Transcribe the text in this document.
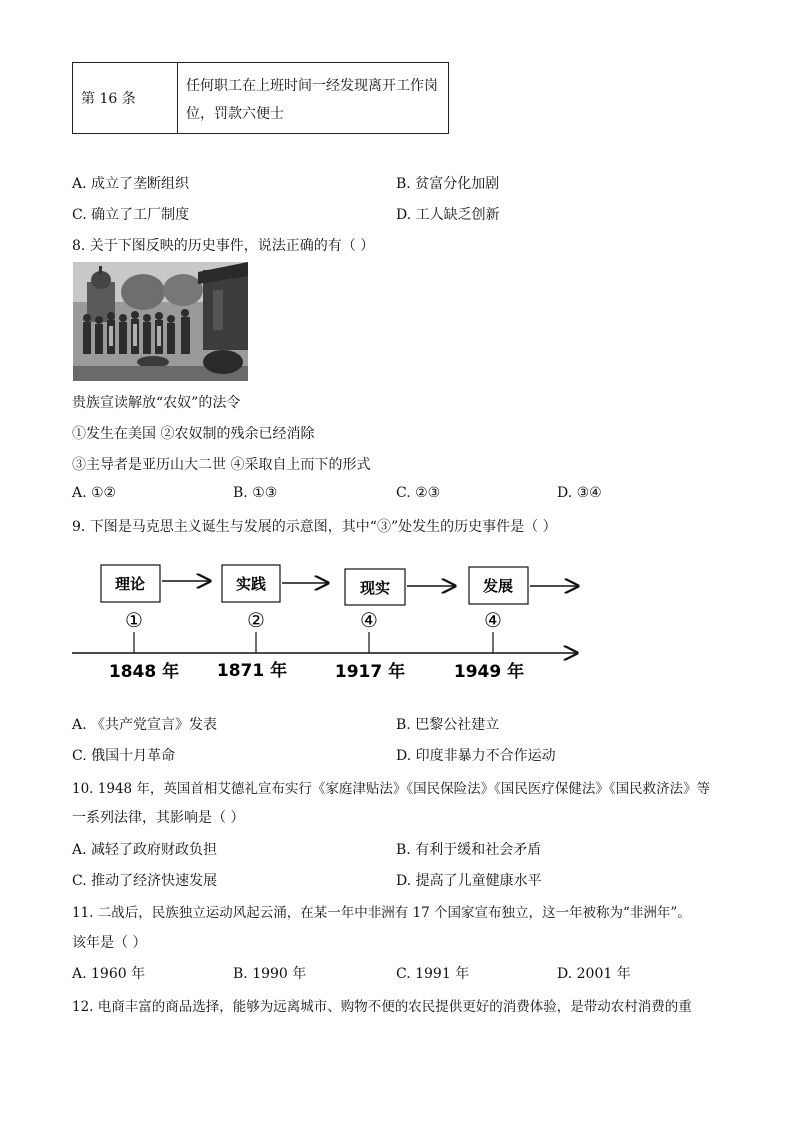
第 16 条
任何职工在上班时间一经发现离开工作岗
位，罚款六便士
A. 成立了垄断组织	B. 贫富分化加剧
C. 确立了工厂制度	D. 工人缺乏创新
8. 关于下图反映的历史事件，说法正确的有（ ）
贵族宣读解放“农奴”的法令
①发生在美国 ②农奴制的残余已经消除
③主导者是亚历山大二世 ④采取自上而下的形式
A. ①②	B. ①③	C. ②③	D. ③④
9. 下图是马克思主义诞生与发展的示意图，其中“③”处发生的历史事件是（ ）
理论	实践	现实	发展
①	②	④	④
1848 年 1871 年	1917 年	1949 年
A. 《共产党宣言》发表	B. 巴黎公社建立
C. 俄国十月革命	D. 印度非暴力不合作运动
10. 1948 年，英国首相艾德礼宣布实行《家庭津贴法》《国民保险法》《国民医疗保健法》《国民救济法》等
一系列法律，其影响是（ ）
A. 减轻了政府财政负担	B. 有利于缓和社会矛盾
C. 推动了经济快速发展	D. 提高了儿童健康水平
11. 二战后，民族独立运动风起云涌，在某一年中非洲有 17 个国家宣布独立，这一年被称为“非洲年”。
该年是（ ）
A. 1960 年	B. 1990 年	C. 1991 年	D. 2001 年
12. 电商丰富的商品选择，能够为远离城市、购物不便的农民提供更好的消费体验，是带动农村消费的重
